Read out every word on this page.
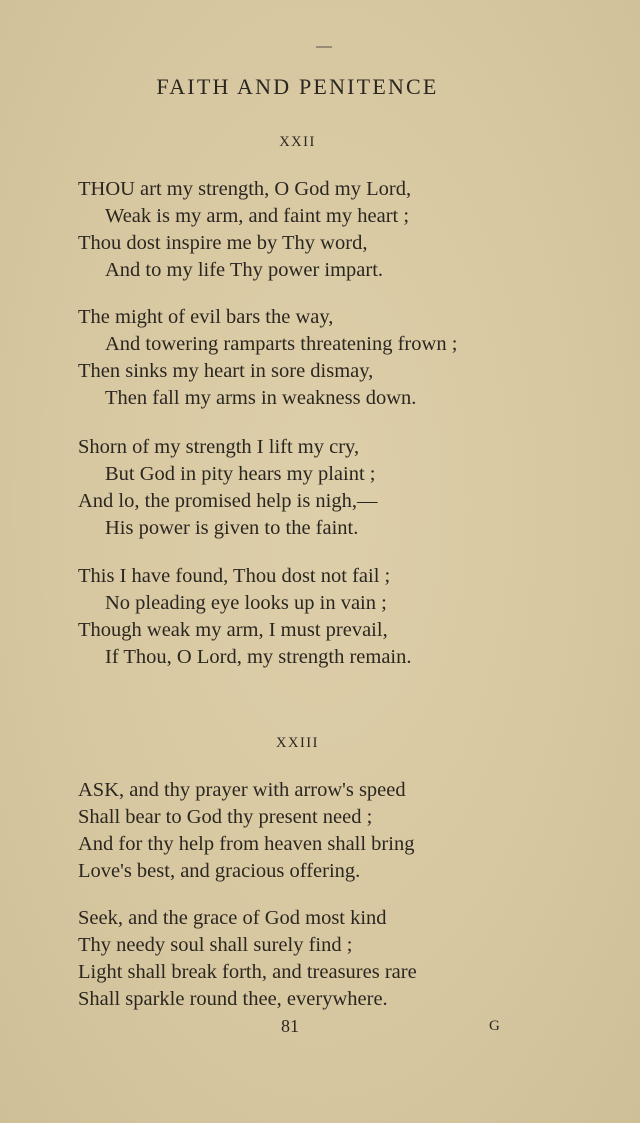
FAITH AND PENITENCE
XXII
THOU art my strength, O God my Lord,
Weak is my arm, and faint my heart ;
Thou dost inspire me by Thy word,
And to my life Thy power impart.
The might of evil bars the way,
And towering ramparts threatening frown ;
Then sinks my heart in sore dismay,
Then fall my arms in weakness down.
Shorn of my strength I lift my cry,
But God in pity hears my plaint ;
And lo, the promised help is nigh,—
His power is given to the faint.
This I have found, Thou dost not fail ;
No pleading eye looks up in vain ;
Though weak my arm, I must prevail,
If Thou, O Lord, my strength remain.
XXIII
ASK, and thy prayer with arrow's speed
Shall bear to God thy present need ;
And for thy help from heaven shall bring
Love's best, and gracious offering.
Seek, and the grace of God most kind
Thy needy soul shall surely find ;
Light shall break forth, and treasures rare
Shall sparkle round thee, everywhere.
81	G
